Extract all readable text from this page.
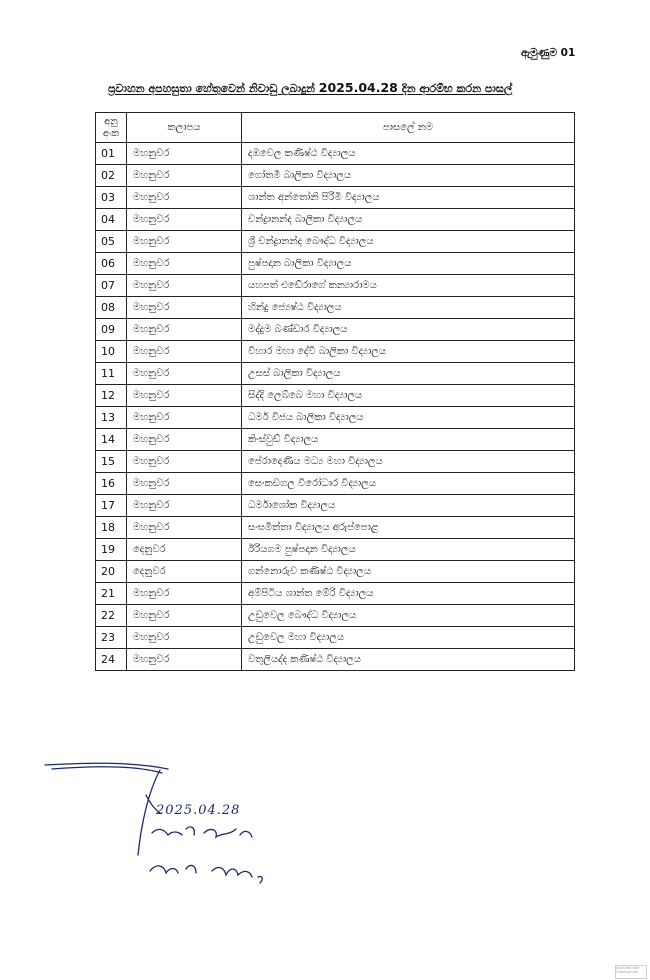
ඇමුණුම 01
ප්‍රවාහන අපහසුතා හේතුවෙන් නිවාඩු ලබාදුන් 2025.04.28 දින ආරම්භ කරන පාසල්
අනු
අංක	කලාපය	පාසලේ නම
01	මහනුවර	දඹවෙල කණිෂ්ඨ විද්‍යාලය
02	මහනුවර	ගෝතමී බාලිකා විද්‍යාලය
03	මහනුවර	ශාන්ත අන්තෝනි පිරිමි විද්‍යාලය
04	මහනුවර	චන්ද්‍රානන්ද බාලිකා විද්‍යාලය
05	මහනුවර	ශ්‍රී චන්ද්‍රානන්ද බෞද්ධ විද්‍යාලය
06	මහනුවර	පුෂ්පදාන බාලිකා විද්‍යාලය
07	මහනුවර	යහපත් එඩේරාගේ කන්‍යාරාමය
08	මහනුවර	හින්දු ජ්‍යෙෂ්ඨ විද්‍යාලය
09	මහනුවර	මද්දුම බණ්ඩාර විද්‍යාලය
10	මහනුවර	විහාර මහා දේවී බාලිකා විද්‍යාලය
11	මහනුවර	උසස් බාලිකා විද්‍යාලය
12	මහනුවර	සිද්දි ලෙබ්බෙ මහා විද්‍යාලය
13	මහනුවර	ධර්ම විජය බාලිකා විද්‍යාලය
14	මහනුවර	කිංස්වුඩ් විද්‍යාලය
15	මහනුවර	පේරාදෙණිය මධ්‍ය මහා විද්‍යාලය
16	මහනුවර	සෙංකඩගල වීරෝධාර විද්‍යාලය
17	මහනුවර	ධර්මාශෝක විද්‍යාලය
18	මහනුවර	සංඝමිත්තා විද්‍යාලය අරුප්පොළ
19	දෙනුවර	ඊරියගම පුෂ්පදාන විද්‍යාලය
20	දෙනුවර	ගන්නොරුව කණිෂ්ඨ විද්‍යාලය
21	මහනුවර	අම්පිටිය ශාන්ත මේරි විද්‍යාලය
22	මහනුවර	උඩුවෙල බෞද්ධ විද්‍යාලය
23	මහනුවර	උඩුවෙල මහා විද්‍යාලය
24	මහනුවර	වතුලියද්ද කණිෂ්ඨ විද්‍යාලය
2025.04.28
Scanned with CamScanner
